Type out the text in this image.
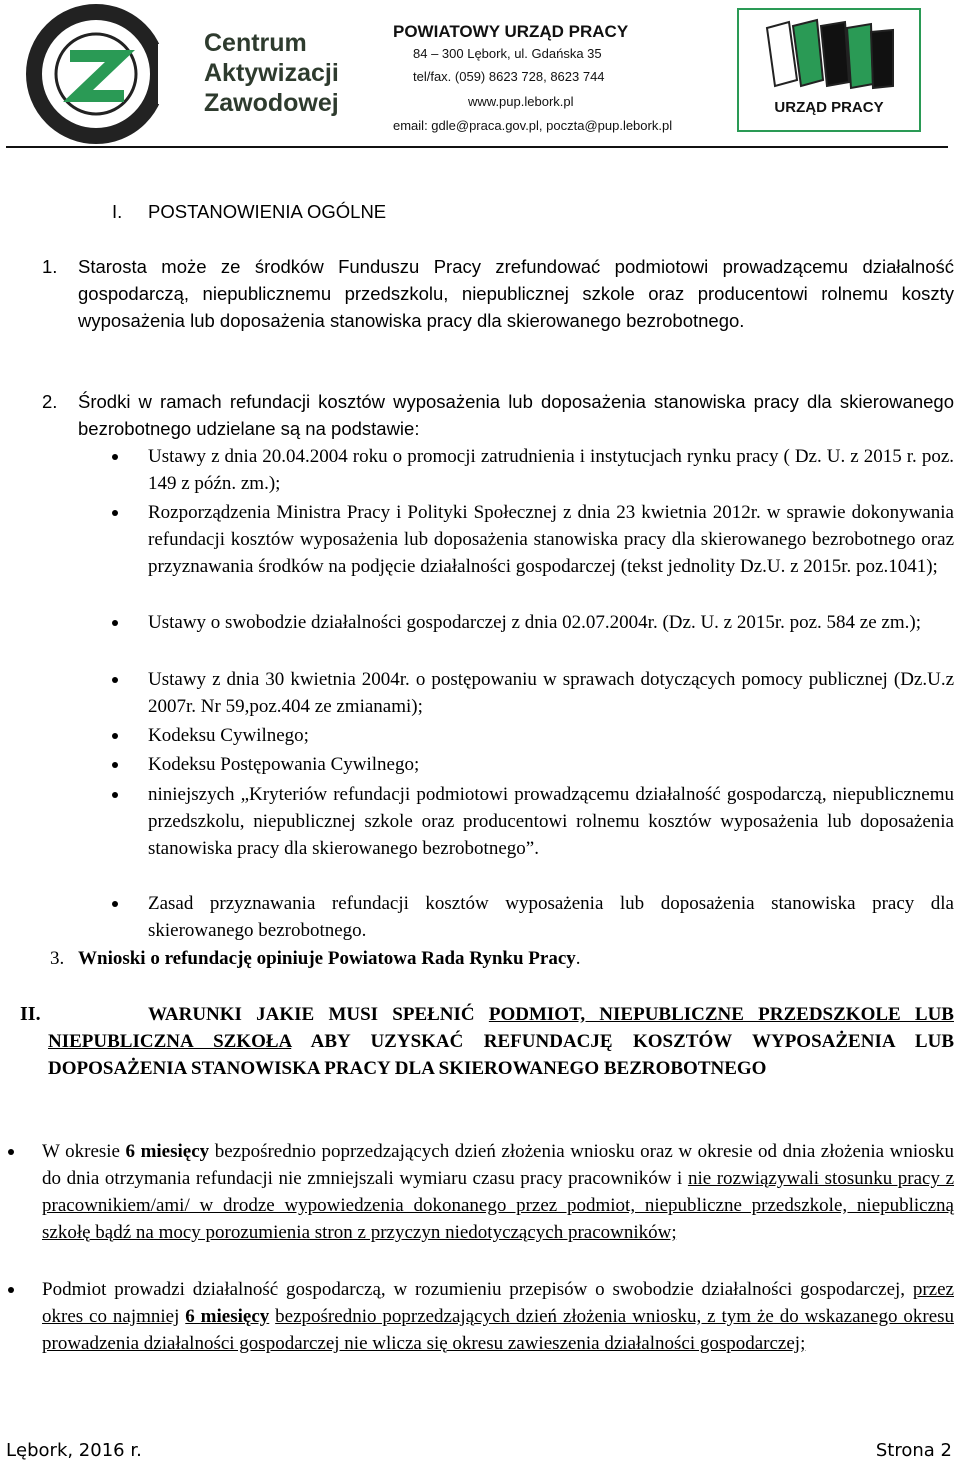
Centrum
Aktywizacji
Zawodowej
POWIATOWY URZĄD PRACY
84 – 300 Lębork, ul. Gdańska 35
tel/fax. (059) 8623 728, 8623 744
www.pup.lebork.pl
email: gdle@praca.gov.pl, poczta@pup.lebork.pl
URZĄD PRACY
I. POSTANOWIENIA OGÓLNE
1.	Starosta może ze środków Funduszu Pracy zrefundować podmiotowi prowadzącemu działalność gospodarczą, niepublicznemu przedszkolu, niepublicznej szkole oraz producentowi rolnemu koszty wyposażenia lub doposażenia stanowiska pracy dla skierowanego bezrobotnego.
2.	Środki w ramach refundacji kosztów wyposażenia lub doposażenia stanowiska pracy dla skierowanego bezrobotnego udzielane są na podstawie:
Ustawy z dnia 20.04.2004 roku o promocji zatrudnienia i instytucjach rynku pracy ( Dz. U. z 2015 r. poz. 149 z późn. zm.);
Rozporządzenia Ministra Pracy i Polityki Społecznej z dnia 23 kwietnia 2012r. w sprawie dokonywania refundacji kosztów wyposażenia lub doposażenia stanowiska pracy dla skierowanego bezrobotnego oraz przyznawania środków na podjęcie działalności gospodarczej (tekst jednolity Dz.U. z 2015r. poz.1041);
Ustawy o swobodzie działalności gospodarczej z dnia 02.07.2004r. (Dz. U. z 2015r. poz. 584 ze zm.);
Ustawy z dnia 30 kwietnia 2004r. o postępowaniu w sprawach dotyczących pomocy publicznej (Dz.U.z 2007r. Nr 59,poz.404 ze zmianami);
Kodeksu Cywilnego;
Kodeksu Postępowania Cywilnego;
niniejszych „Kryteriów refundacji podmiotowi prowadzącemu działalność gospodarczą, niepublicznemu przedszkolu, niepublicznej szkole oraz producentowi rolnemu kosztów wyposażenia lub doposażenia stanowiska pracy dla skierowanego bezrobotnego”.
Zasad przyznawania refundacji kosztów wyposażenia lub doposażenia stanowiska pracy dla skierowanego bezrobotnego.
3. Wnioski o refundację opiniuje Powiatowa Rada Rynku Pracy.
II.	WARUNKI JAKIE MUSI SPEŁNIĆ PODMIOT, NIEPUBLICZNE PRZEDSZKOLE LUB NIEPUBLICZNA SZKOŁA ABY UZYSKAĆ REFUNDACJĘ KOSZTÓW WYPOSAŻENIA LUB DOPOSAŻENIA STANOWISKA PRACY DLA SKIEROWANEGO BEZROBOTNEGO
W okresie 6 miesięcy bezpośrednio poprzedzających dzień złożenia wniosku oraz w okresie od dnia złożenia wniosku do dnia otrzymania refundacji nie zmniejszali wymiaru czasu pracy pracowników i nie rozwiązywali stosunku pracy z pracownikiem/ami/ w drodze wypowiedzenia dokonanego przez podmiot, niepubliczne przedszkole, niepubliczną szkołę bądź na mocy porozumienia stron z przyczyn niedotyczących pracowników;
Podmiot prowadzi działalność gospodarczą, w rozumieniu przepisów o swobodzie działalności gospodarczej, przez okres co najmniej 6 miesięcy bezpośrednio poprzedzających dzień złożenia wniosku, z tym że do wskazanego okresu prowadzenia działalności gospodarczej nie wlicza się okresu zawieszenia działalności gospodarczej;
Lębork, 2016 r.	Strona 2
